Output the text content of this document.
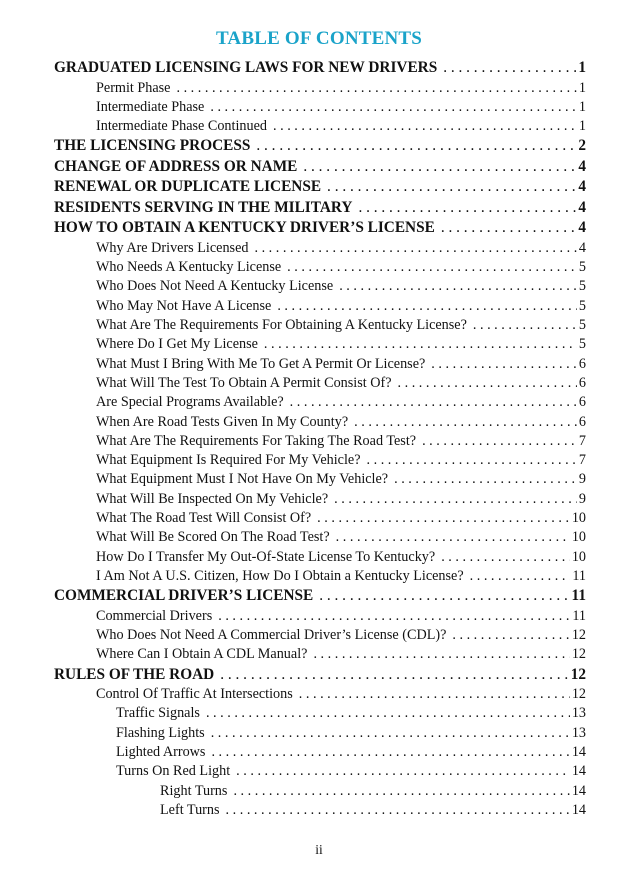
TABLE OF CONTENTS
GRADUATED LICENSING LAWS FOR NEW DRIVERS . . .	1
Permit Phase . . .	1
Intermediate Phase . . .	1
Intermediate Phase Continued . . .	1
THE LICENSING PROCESS . . .	2
CHANGE OF ADDRESS OR NAME . . .	4
RENEWAL OR DUPLICATE LICENSE . . .	4
RESIDENTS SERVING IN THE MILITARY . . .	4
HOW TO OBTAIN A KENTUCKY DRIVER’S LICENSE . . .	4
Why Are Drivers Licensed . . .	4
Who Needs A Kentucky License . . .	5
Who Does Not Need A Kentucky License . . .	5
Who May Not Have A License . . .	5
What Are The Requirements For Obtaining A Kentucky License? . . .	5
Where Do I Get My License . . .	5
What Must I Bring With Me To Get A Permit Or License? . . .	6
What Will The Test To Obtain A Permit Consist Of? . . .	6
Are Special Programs Available? . . .	6
When Are Road Tests Given In My County? . . .	6
What Are The Requirements For Taking The Road Test? . . .	7
What Equipment Is Required For My Vehicle? . . .	7
What Equipment Must I Not Have On My Vehicle? . . .	9
What Will Be Inspected On My Vehicle? . . .	9
What The Road Test Will Consist Of? . . .	10
What Will Be Scored On The Road Test? . . .	10
How Do I Transfer My Out-Of-State License To Kentucky? . . .	10
I Am Not A U.S. Citizen, How Do I Obtain a Kentucky License? . . .	11
COMMERCIAL DRIVER’S LICENSE . . .	11
Commercial Drivers . . .	11
Who Does Not Need A Commercial Driver’s License (CDL)? . . .	12
Where Can I Obtain A CDL Manual? . . .	12
RULES OF THE ROAD . . .	12
Control Of Traffic At Intersections . . .	12
Traffic Signals . . .	13
Flashing Lights . . .	13
Lighted Arrows . . .	14
Turns On Red Light . . .	14
Right Turns . . .	14
Left Turns . . .	14
ii
